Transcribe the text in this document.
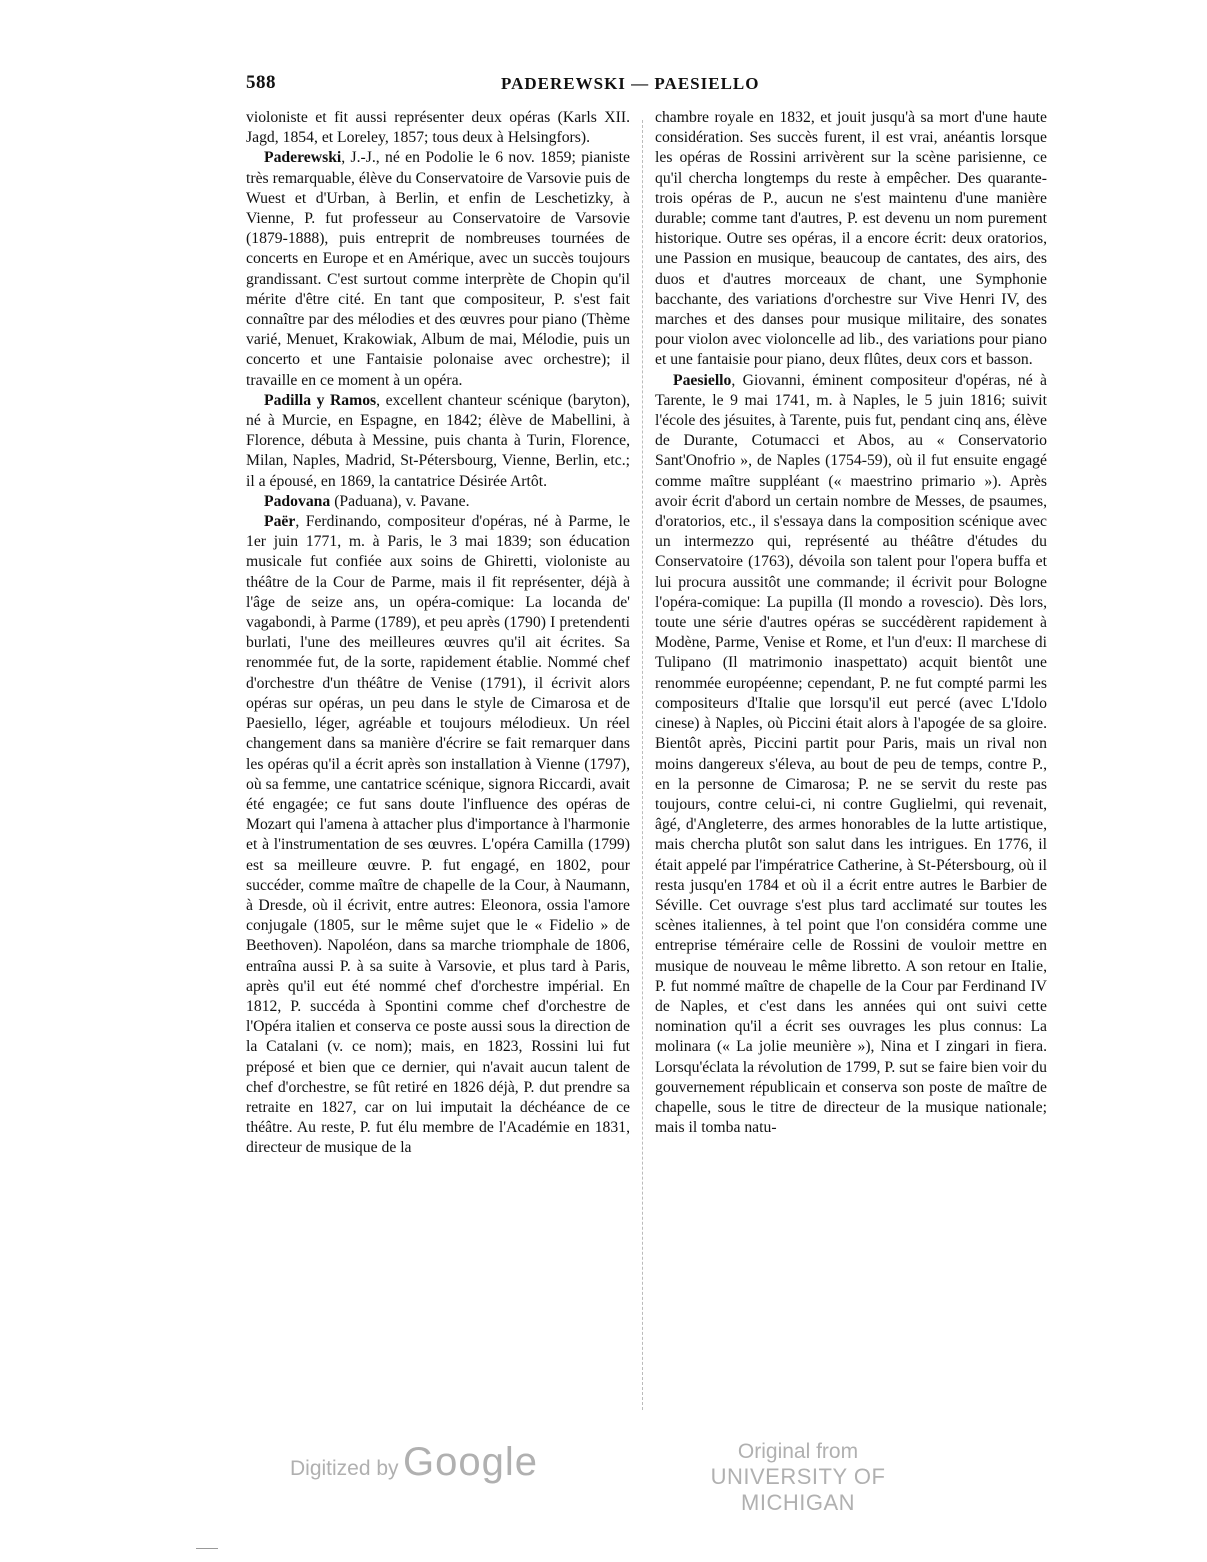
588	PADEREWSKI — PAESIELLO

violoniste et fit aussi représenter deux opéras (Karls XII. Jagd, 1854, et Loreley, 1857; tous deux à Helsingfors).

Paderewski, J.-J., né en Podolie le 6 nov. 1859; pianiste très remarquable, élève du Conservatoire de Varsovie puis de Wuest et d'Urban, à Berlin, et enfin de Leschetizky, à Vienne, P. fut professeur au Conservatoire de Varsovie (1879-1888), puis entreprit de nombreuses tournées de concerts en Europe et en Amérique, avec un succès toujours grandissant. C'est surtout comme interprète de Chopin qu'il mérite d'être cité. En tant que compositeur, P. s'est fait connaître par des mélodies et des œuvres pour piano (Thème varié, Menuet, Krakowiak, Album de mai, Mélodie, puis un concerto et une Fantaisie polonaise avec orchestre); il travaille en ce moment à un opéra.

Padilla y Ramos, excellent chanteur scénique (baryton), né à Murcie, en Espagne, en 1842; élève de Mabellini, à Florence, débuta à Messine, puis chanta à Turin, Florence, Milan, Naples, Madrid, St-Pétersbourg, Vienne, Berlin, etc.; il a épousé, en 1869, la cantatrice Désirée Artôt.

Padovana (Paduana), v. Pavane.

Paër, Ferdinando, compositeur d'opéras, né à Parme, le 1er juin 1771, m. à Paris, le 3 mai 1839; son éducation musicale fut confiée aux soins de Ghiretti, violoniste au théâtre de la Cour de Parme, mais il fit représenter, déjà à l'âge de seize ans, un opéra-comique: La locanda de' vagabondi, à Parme (1789), et peu après (1790) I pretendenti burlati, l'une des meilleures œuvres qu'il ait écrites. Sa renommée fut, de la sorte, rapidement établie. Nommé chef d'orchestre d'un théâtre de Venise (1791), il écrivit alors opéras sur opéras, un peu dans le style de Cimarosa et de Paesiello, léger, agréable et toujours mélodieux. Un réel changement dans sa manière d'écrire se fait remarquer dans les opéras qu'il a écrit après son installation à Vienne (1797), où sa femme, une cantatrice scénique, signora Riccardi, avait été engagée; ce fut sans doute l'influence des opéras de Mozart qui l'amena à attacher plus d'importance à l'harmonie et à l'instrumentation de ses œuvres. L'opéra Camilla (1799) est sa meilleure œuvre. P. fut engagé, en 1802, pour succéder, comme maître de chapelle de la Cour, à Naumann, à Dresde, où il écrivit, entre autres: Eleonora, ossia l'amore conjugale (1805, sur le même sujet que le « Fidelio » de Beethoven). Napoléon, dans sa marche triomphale de 1806, entraîna aussi P. à sa suite à Varsovie, et plus tard à Paris, après qu'il eut été nommé chef d'orchestre impérial. En 1812, P. succéda à Spontini comme chef d'orchestre de l'Opéra italien et conserva ce poste aussi sous la direction de la Catalani (v. ce nom); mais, en 1823, Rossini lui fut préposé et bien que ce dernier, qui n'avait aucun talent de chef d'orchestre, se fût retiré en 1826 déjà, P. dut prendre sa retraite en 1827, car on lui imputait la déchéance de ce théâtre. Au reste, P. fut élu membre de l'Académie en 1831, directeur de musique de la

chambre royale en 1832, et jouit jusqu'à sa mort d'une haute considération. Ses succès furent, il est vrai, anéantis lorsque les opéras de Rossini arrivèrent sur la scène parisienne, ce qu'il chercha longtemps du reste à empêcher. Des quarante-trois opéras de P., aucun ne s'est maintenu d'une manière durable; comme tant d'autres, P. est devenu un nom purement historique. Outre ses opéras, il a encore écrit: deux oratorios, une Passion en musique, beaucoup de cantates, des airs, des duos et d'autres morceaux de chant, une Symphonie bacchante, des variations d'orchestre sur Vive Henri IV, des marches et des danses pour musique militaire, des sonates pour violon avec violoncelle ad lib., des variations pour piano et une fantaisie pour piano, deux flûtes, deux cors et basson.

Paesiello, Giovanni, éminent compositeur d'opéras, né à Tarente, le 9 mai 1741, m. à Naples, le 5 juin 1816; suivit l'école des jésuites, à Tarente, puis fut, pendant cinq ans, élève de Durante, Cotumacci et Abos, au « Conservatorio Sant'Onofrio », de Naples (1754-59), où il fut ensuite engagé comme maître suppléant (« maestrino primario »). Après avoir écrit d'abord un certain nombre de Messes, de psaumes, d'oratorios, etc., il s'essaya dans la composition scénique avec un intermezzo qui, représenté au théâtre d'études du Conservatoire (1763), dévoila son talent pour l'opera buffa et lui procura aussitôt une commande; il écrivit pour Bologne l'opéra-comique: La pupilla (Il mondo a rovescio). Dès lors, toute une série d'autres opéras se succédèrent rapidement à Modène, Parme, Venise et Rome, et l'un d'eux: Il marchese di Tulipano (Il matrimonio inaspettato) acquit bientôt une renommée européenne; cependant, P. ne fut compté parmi les compositeurs d'Italie que lorsqu'il eut percé (avec L'Idolo cinese) à Naples, où Piccini était alors à l'apogée de sa gloire. Bientôt après, Piccini partit pour Paris, mais un rival non moins dangereux s'éleva, au bout de peu de temps, contre P., en la personne de Cimarosa; P. ne se servit du reste pas toujours, contre celui-ci, ni contre Guglielmi, qui revenait, âgé, d'Angleterre, des armes honorables de la lutte artistique, mais chercha plutôt son salut dans les intrigues. En 1776, il était appelé par l'impératrice Catherine, à St-Pétersbourg, où il resta jusqu'en 1784 et où il a écrit entre autres le Barbier de Séville. Cet ouvrage s'est plus tard acclimaté sur toutes les scènes italiennes, à tel point que l'on considéra comme une entreprise téméraire celle de Rossini de vouloir mettre en musique de nouveau le même libretto. A son retour en Italie, P. fut nommé maître de chapelle de la Cour par Ferdinand IV de Naples, et c'est dans les années qui ont suivi cette nomination qu'il a écrit ses ouvrages les plus connus: La molinara (« La jolie meunière »), Nina et I zingari in fiera. Lorsqu'éclata la révolution de 1799, P. sut se faire bien voir du gouvernement républicain et conserva son poste de maître de chapelle, sous le titre de directeur de la musique nationale; mais il tomba natu-

Digitized by Google	Original from
UNIVERSITY OF MICHIGAN
